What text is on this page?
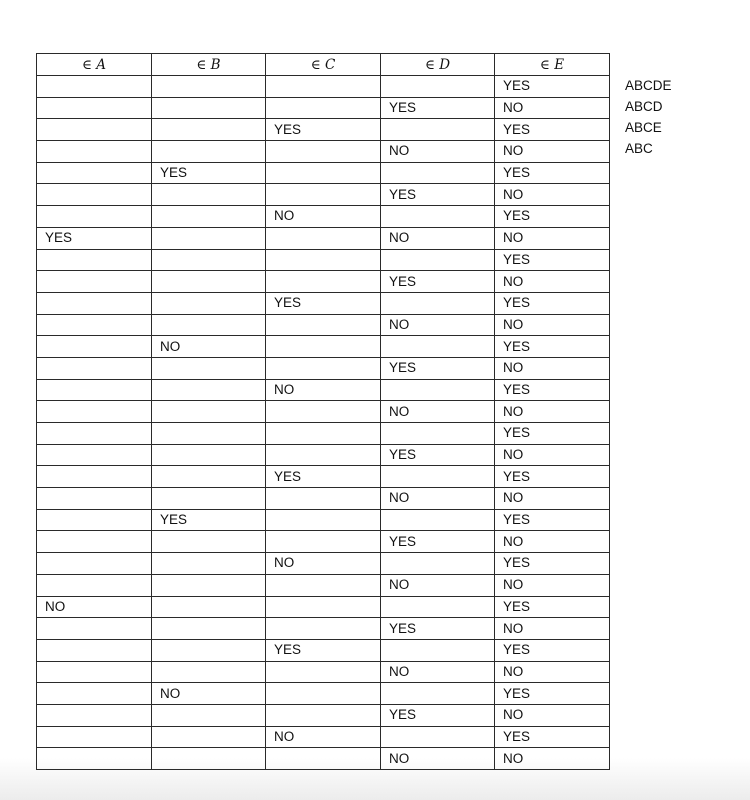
∈ A	∈ B	∈ C	∈ D	∈ E
				YES
			YES	NO
		YES		YES
			NO	NO
	YES			YES
			YES	NO
		NO		YES
YES			NO	NO
				YES
			YES	NO
		YES		YES
			NO	NO
	NO			YES
			YES	NO
		NO		YES
			NO	NO
				YES
			YES	NO
		YES		YES
			NO	NO
	YES			YES
			YES	NO
		NO		YES
			NO	NO
NO				YES
			YES	NO
		YES		YES
			NO	NO
	NO			YES
			YES	NO
		NO		YES
			NO	NO
ABCDE
ABCD
ABCE
ABC
